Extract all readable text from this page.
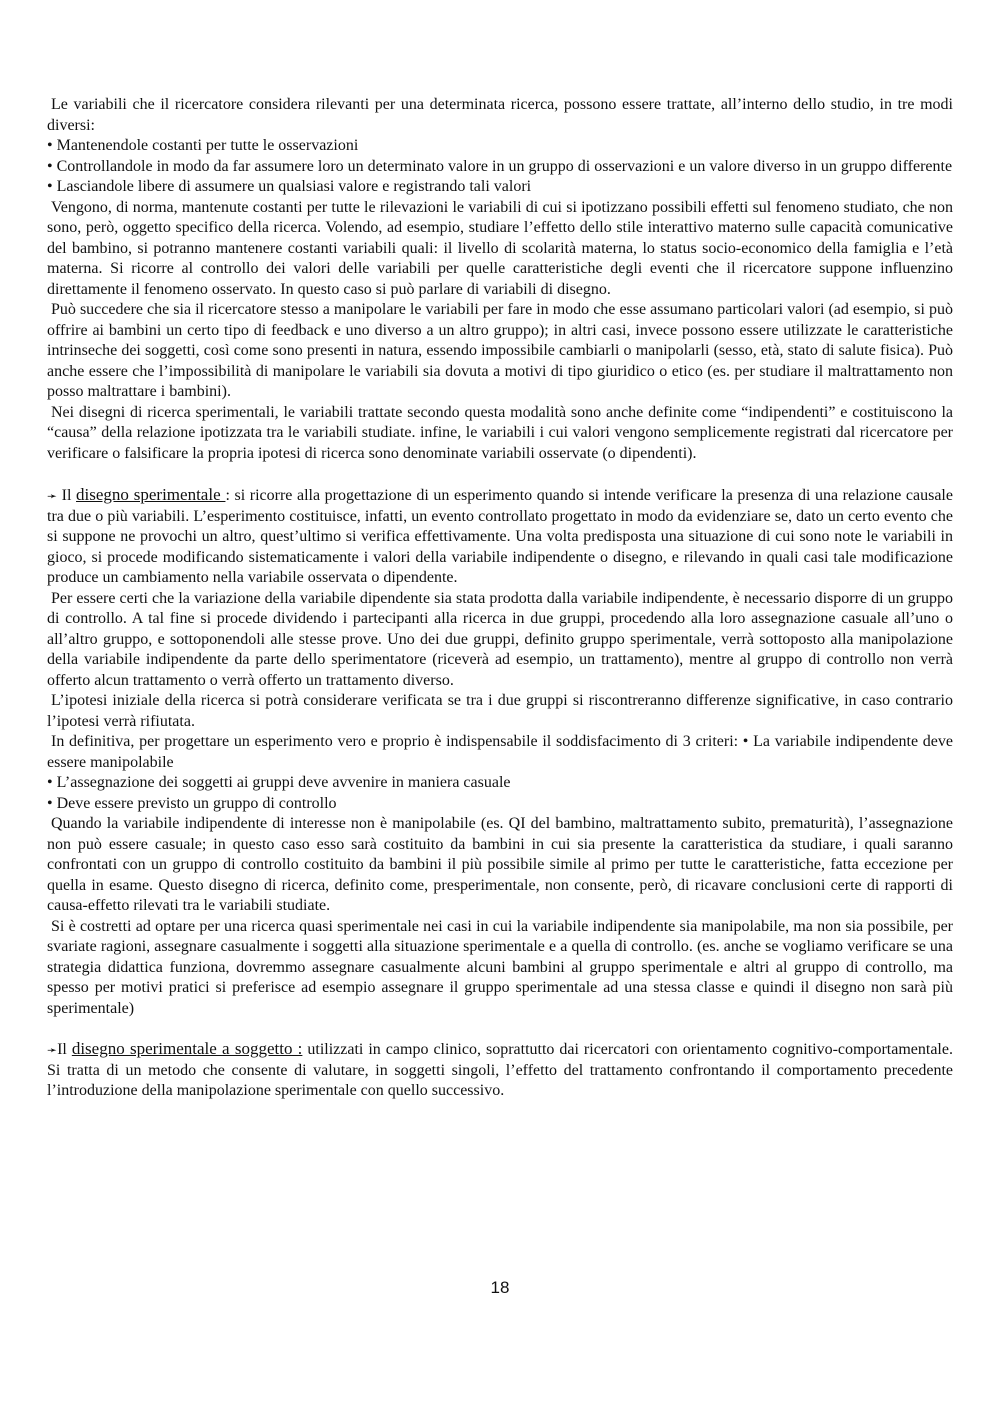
Le variabili che il ricercatore considera rilevanti per una determinata ricerca, possono essere trattate, all’interno dello studio, in tre modi diversi:

• Mantenendole costanti per tutte le osservazioni

• Controllandole in modo da far assumere loro un determinato valore in un gruppo di osservazioni e un valore diverso in un gruppo differente

• Lasciandole libere di assumere un qualsiasi valore e registrando tali valori

Vengono, di norma, mantenute costanti per tutte le rilevazioni le variabili di cui si ipotizzano possibili effetti sul fenomeno studiato, che non sono, però, oggetto specifico della ricerca. Volendo, ad esempio, studiare l’effetto dello stile interattivo materno sulle capacità comunicative del bambino, si potranno mantenere costanti variabili quali: il livello di scolarità materna, lo status socio-economico della famiglia e l’età materna. Si ricorre al controllo dei valori delle variabili per quelle caratteristiche degli eventi che il ricercatore suppone influenzino direttamente il fenomeno osservato. In questo caso si può parlare di variabili di disegno.

Può succedere che sia il ricercatore stesso a manipolare le variabili per fare in modo che esse assumano particolari valori (ad esempio, si può offrire ai bambini un certo tipo di feedback e uno diverso a un altro gruppo); in altri casi, invece possono essere utilizzate le caratteristiche intrinseche dei soggetti, così come sono presenti in natura, essendo impossibile cambiarli o manipolarli (sesso, età, stato di salute fisica). Può anche essere che l’impossibilità di manipolare le variabili sia dovuta a motivi di tipo giuridico o etico (es. per studiare il maltrattamento non posso maltrattare i bambini).

Nei disegni di ricerca sperimentali, le variabili trattate secondo questa modalità sono anche definite come “indipendenti” e costituiscono la “causa” della relazione ipotizzata tra le variabili studiate. infine, le variabili i cui valori vengono semplicemente registrati dal ricercatore per verificare o falsificare la propria ipotesi di ricerca sono denominate variabili osservate (o dipendenti).

➛ Il disegno sperimentale : si ricorre alla progettazione di un esperimento quando si intende verificare la presenza di una relazione causale tra due o più variabili. L’esperimento costituisce, infatti, un evento controllato progettato in modo da evidenziare se, dato un certo evento che si suppone ne provochi un altro, quest’ultimo si verifica effettivamente. Una volta predisposta una situazione di cui sono note le variabili in gioco, si procede modificando sistematicamente i valori della variabile indipendente o disegno, e rilevando in quali casi tale modificazione produce un cambiamento nella variabile osservata o dipendente.

Per essere certi che la variazione della variabile dipendente sia stata prodotta dalla variabile indipendente, è necessario disporre di un gruppo di controllo. A tal fine si procede dividendo i partecipanti alla ricerca in due gruppi, procedendo alla loro assegnazione casuale all’uno o all’altro gruppo, e sottoponendoli alle stesse prove. Uno dei due gruppi, definito gruppo sperimentale, verrà sottoposto alla manipolazione della variabile indipendente da parte dello sperimentatore (riceverà ad esempio, un trattamento), mentre al gruppo di controllo non verrà offerto alcun trattamento o verrà offerto un trattamento diverso.

L’ipotesi iniziale della ricerca si potrà considerare verificata se tra i due gruppi si riscontreranno differenze significative, in caso contrario l’ipotesi verrà rifiutata.

In definitiva, per progettare un esperimento vero e proprio è indispensabile il soddisfacimento di 3 criteri: • La variabile indipendente deve essere manipolabile

• L’assegnazione dei soggetti ai gruppi deve avvenire in maniera casuale

• Deve essere previsto un gruppo di controllo

Quando la variabile indipendente di interesse non è manipolabile (es. QI del bambino, maltrattamento subito, prematurità), l’assegnazione non può essere casuale; in questo caso esso sarà costituito da bambini in cui sia presente la caratteristica da studiare, i quali saranno confrontati con un gruppo di controllo costituito da bambini il più possibile simile al primo per tutte le caratteristiche, fatta eccezione per quella in esame. Questo disegno di ricerca, definito come, presperimentale, non consente, però, di ricavare conclusioni certe di rapporti di causa-effetto rilevati tra le variabili studiate.

Si è costretti ad optare per una ricerca quasi sperimentale nei casi in cui la variabile indipendente sia manipolabile, ma non sia possibile, per svariate ragioni, assegnare casualmente i soggetti alla situazione sperimentale e a quella di controllo. (es. anche se vogliamo verificare se una strategia didattica funziona, dovremmo assegnare casualmente alcuni bambini al gruppo sperimentale e altri al gruppo di controllo, ma spesso per motivi pratici si preferisce ad esempio assegnare il gruppo sperimentale ad una stessa classe e quindi il disegno non sarà più sperimentale)

➛Il disegno sperimentale a soggetto : utilizzati in campo clinico, soprattutto dai ricercatori con orientamento cognitivo-comportamentale. Si tratta di un metodo che consente di valutare, in soggetti singoli, l’effetto del trattamento confrontando il comportamento precedente l’introduzione della manipolazione sperimentale con quello successivo.

18
